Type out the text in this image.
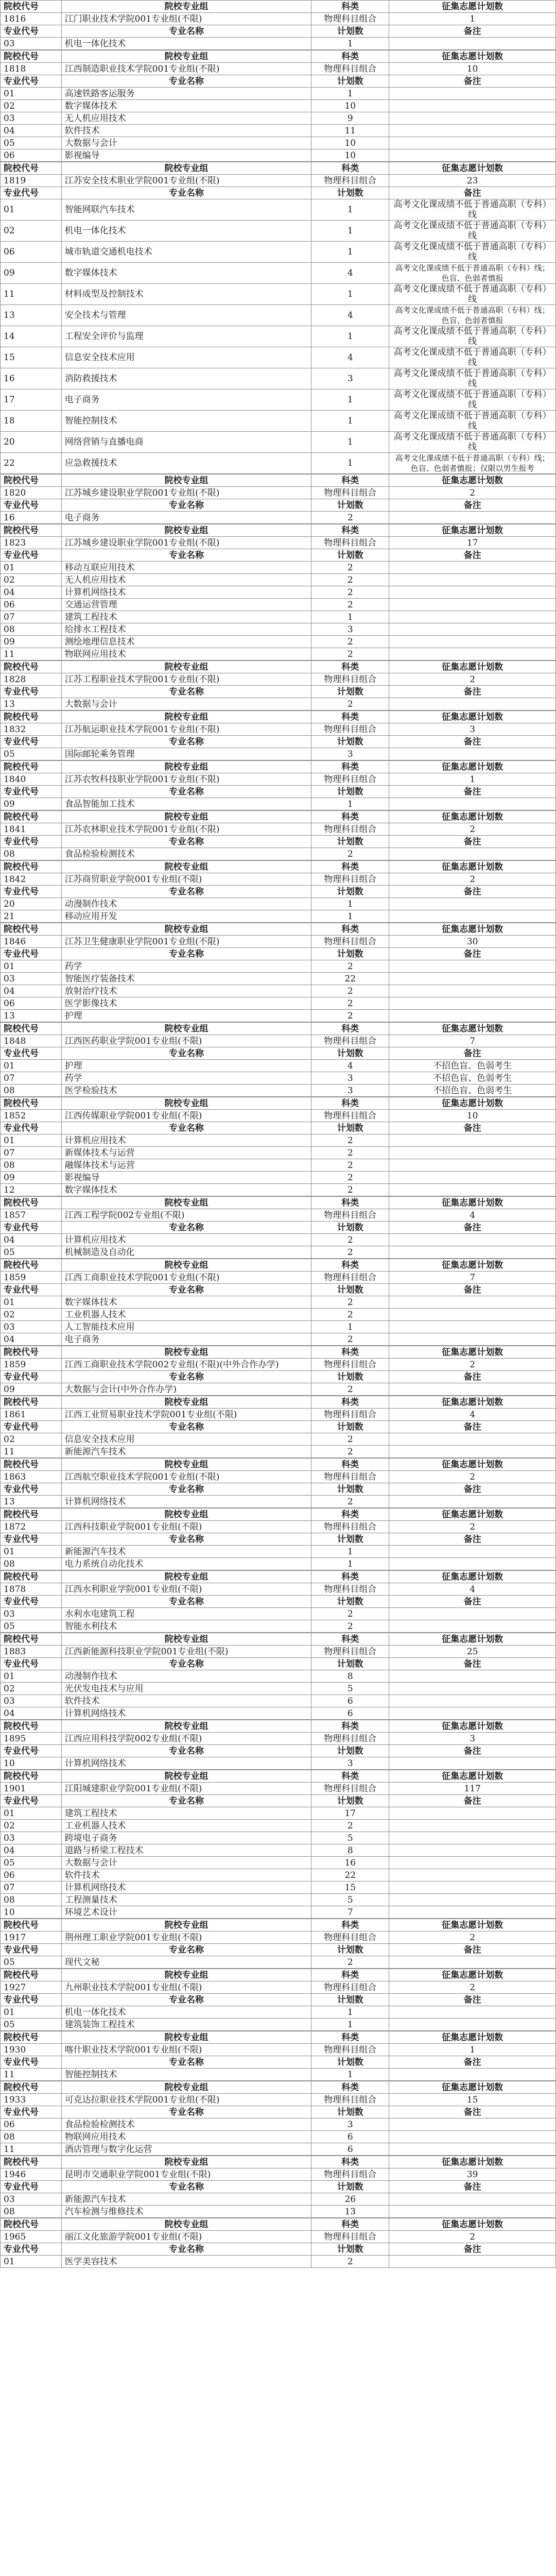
院校代号	院校专业组	科类	征集志愿计划数
1816	江门职业技术学院001专业组(不限)	物理科目组合	1
专业代号	专业名称	计划数	备注
03	机电一体化技术	1	
院校代号	院校专业组	科类	征集志愿计划数
1818	江西制造职业技术学院001专业组(不限)	物理科目组合	10
专业代号	专业名称	计划数	备注
01	高速铁路客运服务	1	
02	数字媒体技术	10	
03	无人机应用技术	9	
04	软件技术	11	
05	大数据与会计	10	
06	影视编导	10	
院校代号	院校专业组	科类	征集志愿计划数
1819	江苏安全技术职业学院001专业组(不限)	物理科目组合	23
专业代号	专业名称	计划数	备注
01	智能网联汽车技术	1	高考文化课成绩不低于普通高职（专科）线
02	机电一体化技术	1	高考文化课成绩不低于普通高职（专科）线
06	城市轨道交通机电技术	1	高考文化课成绩不低于普通高职（专科）线
09	数字媒体技术	4	高考文化课成绩不低于普通高职（专科）线；色盲、色弱者慎报
11	材料成型及控制技术	1	高考文化课成绩不低于普通高职（专科）线
13	安全技术与管理	4	高考文化课成绩不低于普通高职（专科）线；色盲、色弱者慎报
14	工程安全评价与监理	1	高考文化课成绩不低于普通高职（专科）线
15	信息安全技术应用	4	高考文化课成绩不低于普通高职（专科）线
16	消防救援技术	3	高考文化课成绩不低于普通高职（专科）线
17	电子商务	1	高考文化课成绩不低于普通高职（专科）线
18	智能控制技术	1	高考文化课成绩不低于普通高职（专科）线
20	网络营销与直播电商	1	高考文化课成绩不低于普通高职（专科）线
22	应急救援技术	1	高考文化课成绩不低于普通高职（专科）线；色盲、色弱者慎报；仅限以男生报考
院校代号	院校专业组	科类	征集志愿计划数
1820	江苏城乡建设职业学院001专业组(不限)	物理科目组合	2
专业代号	专业名称	计划数	备注
16	电子商务	2	
院校代号	院校专业组	科类	征集志愿计划数
1823	江苏城乡建设职业学院001专业组(不限)	物理科目组合	17
专业代号	专业名称	计划数	备注
01	移动互联应用技术	2	
02	无人机应用技术	2	
04	计算机网络技术	2	
06	交通运营管理	2	
07	建筑工程技术	1	
08	给排水工程技术	3	
09	测绘地理信息技术	2	
11	物联网应用技术	2	
院校代号	院校专业组	科类	征集志愿计划数
1828	江苏工程职业技术学院001专业组(不限)	物理科目组合	2
专业代号	专业名称	计划数	备注
13	大数据与会计	2	
院校代号	院校专业组	科类	征集志愿计划数
1832	江苏航运职业技术学院001专业组(不限)	物理科目组合	3
专业代号	专业名称	计划数	备注
05	国际邮轮乘务管理	3	
院校代号	院校专业组	科类	征集志愿计划数
1840	江苏农牧科技职业学院001专业组(不限)	物理科目组合	1
专业代号	专业名称	计划数	备注
09	食品智能加工技术	1	
院校代号	院校专业组	科类	征集志愿计划数
1841	江苏农林职业技术学院001专业组(不限)	物理科目组合	2
专业代号	专业名称	计划数	备注
08	食品检验检测技术	2	
院校代号	院校专业组	科类	征集志愿计划数
1842	江苏商贸职业学院001专业组(不限)	物理科目组合	2
专业代号	专业名称	计划数	备注
20	动漫制作技术	1	
21	移动应用开发	1	
院校代号	院校专业组	科类	征集志愿计划数
1846	江苏卫生健康职业学院001专业组(不限)	物理科目组合	30
专业代号	专业名称	计划数	备注
01	药学	2	
03	智能医疗装备技术	22	
04	放射治疗技术	2	
06	医学影像技术	2	
13	护理	2	
院校代号	院校专业组	科类	征集志愿计划数
1848	江西医药职业学院001专业组(不限)	物理科目组合	7
专业代号	专业名称	计划数	备注
01	护理	4	不招色盲、色弱考生
07	药学	3	不招色盲、色弱考生
08	医学检验技术	3	不招色盲、色弱考生
院校代号	院校专业组	科类	征集志愿计划数
1852	江西传媒职业学院001专业组(不限)	物理科目组合	10
专业代号	专业名称	计划数	备注
01	计算机应用技术	2	
07	新媒体技术与运营	2	
08	融媒体技术与运营	2	
09	影视编导	2	
12	数字媒体技术	2	
院校代号	院校专业组	科类	征集志愿计划数
1857	江西工程学院002专业组(不限)	物理科目组合	4
专业代号	专业名称	计划数	备注
04	计算机应用技术	2	
05	机械制造及自动化	2	
院校代号	院校专业组	科类	征集志愿计划数
1859	江西工商职业技术学院001专业组(不限)	物理科目组合	7
专业代号	专业名称	计划数	备注
01	数字媒体技术	2	
02	工业机器人技术	2	
03	人工智能技术应用	1	
04	电子商务	2	
院校代号	院校专业组	科类	征集志愿计划数
1859	江西工商职业技术学院002专业组(不限)(中外合作办学)	物理科目组合	2
专业代号	专业名称	计划数	备注
09	大数据与会计(中外合作办学)	2	
院校代号	院校专业组	科类	征集志愿计划数
1861	江西工业贸易职业技术学院001专业组(不限)	物理科目组合	4
专业代号	专业名称	计划数	备注
02	信息安全技术应用	2	
11	新能源汽车技术	2	
院校代号	院校专业组	科类	征集志愿计划数
1863	江西航空职业技术学院001专业组(不限)	物理科目组合	2
专业代号	专业名称	计划数	备注
13	计算机网络技术	2	
院校代号	院校专业组	科类	征集志愿计划数
1872	江西科技职业学院001专业组(不限)	物理科目组合	2
专业代号	专业名称	计划数	备注
01	新能源汽车技术	1	
08	电力系统自动化技术	1	
院校代号	院校专业组	科类	征集志愿计划数
1878	江西水利职业学院001专业组(不限)	物理科目组合	4
专业代号	专业名称	计划数	备注
03	水利水电建筑工程	2	
05	智能水利技术	2	
院校代号	院校专业组	科类	征集志愿计划数
1883	江西新能源科技职业学院001专业组(不限)	物理科目组合	25
专业代号	专业名称	计划数	备注
01	动漫制作技术	8	
02	光伏发电技术与应用	5	
03	软件技术	6	
04	计算机网络技术	6	
院校代号	院校专业组	科类	征集志愿计划数
1895	江西应用科技学院002专业组(不限)	物理科目组合	3
专业代号	专业名称	计划数	备注
10	计算机网络技术	3	
院校代号	院校专业组	科类	征集志愿计划数
1901	江阳城建职业学院001专业组(不限)	物理科目组合	117
专业代号	专业名称	计划数	备注
01	建筑工程技术	17	
02	工业机器人技术	2	
03	跨境电子商务	5	
04	道路与桥梁工程技术	8	
05	大数据与会计	16	
06	软件技术	22	
07	计算机网络技术	15	
08	工程测量技术	5	
10	环境艺术设计	7	
院校代号	院校专业组	科类	征集志愿计划数
1917	荆州理工职业学院001专业组(不限)	物理科目组合	2
专业代号	专业名称	计划数	备注
05	现代文秘	2	
院校代号	院校专业组	科类	征集志愿计划数
1927	九州职业技术学院001专业组(不限)	物理科目组合	2
专业代号	专业名称	计划数	备注
01	机电一体化技术	1	
05	建筑装饰工程技术	1	
院校代号	院校专业组	科类	征集志愿计划数
1930	喀什职业技术学院001专业组(不限)	物理科目组合	1
专业代号	专业名称	计划数	备注
11	智能控制技术	1	
院校代号	院校专业组	科类	征集志愿计划数
1933	可克达拉职业技术学院001专业组(不限)	物理科目组合	15
专业代号	专业名称	计划数	备注
06	食品检验检测技术	3	
08	物联网应用技术	6	
11	酒店管理与数字化运营	6	
院校代号	院校专业组	科类	征集志愿计划数
1946	昆明市交通职业学院001专业组(不限)	物理科目组合	39
专业代号	专业名称	计划数	备注
03	新能源汽车技术	26	
08	汽车检测与维修技术	13	
院校代号	院校专业组	科类	征集志愿计划数
1965	丽江文化旅游学院001专业组(不限)	物理科目组合	2
专业代号	专业名称	计划数	备注
01	医学美容技术	2	
